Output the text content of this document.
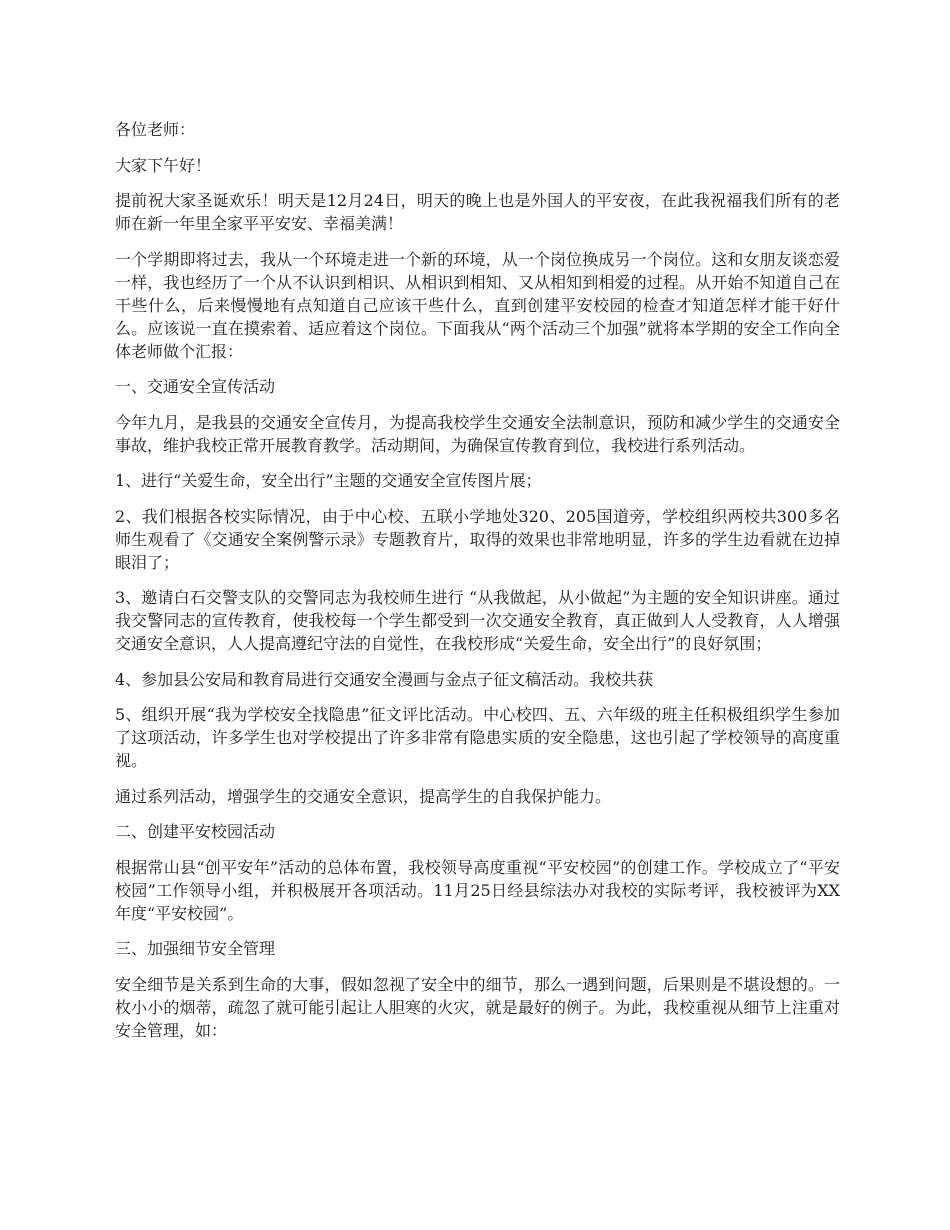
各位老师：

大家下午好！

提前祝大家圣诞欢乐！明天是12月24日，明天的晚上也是外国人的平安夜，在此我祝福我们所有的老师在新一年里全家平平安安、幸福美满！

一个学期即将过去，我从一个环境走进一个新的环境，从一个岗位换成另一个岗位。这和女朋友谈恋爱一样，我也经历了一个从不认识到相识、从相识到相知、又从相知到相爱的过程。从开始不知道自己在干些什么，后来慢慢地有点知道自己应该干些什么，直到创建平安校园的检查才知道怎样才能干好什么。应该说一直在摸索着、适应着这个岗位。下面我从“两个活动三个加强”就将本学期的安全工作向全体老师做个汇报：

一、交通安全宣传活动

今年九月，是我县的交通安全宣传月，为提高我校学生交通安全法制意识，预防和减少学生的交通安全事故，维护我校正常开展教育教学。活动期间，为确保宣传教育到位，我校进行系列活动。

1、进行“关爱生命，安全出行”主题的交通安全宣传图片展；

2、我们根据各校实际情况，由于中心校、五联小学地处320、205国道旁，学校组织两校共300多名师生观看了《交通安全案例警示录》专题教育片，取得的效果也非常地明显，许多的学生边看就在边掉眼泪了；

3、邀请白石交警支队的交警同志为我校师生进行 “从我做起，从小做起”为主题的安全知识讲座。通过我交警同志的宣传教育，使我校每一个学生都受到一次交通安全教育，真正做到人人受教育，人人增强交通安全意识，人人提高遵纪守法的自觉性，在我校形成“关爱生命，安全出行”的良好氛围；

4、参加县公安局和教育局进行交通安全漫画与金点子征文稿活动。我校共获

5、组织开展“我为学校安全找隐患”征文评比活动。中心校四、五、六年级的班主任积极组织学生参加了这项活动，许多学生也对学校提出了许多非常有隐患实质的安全隐患，这也引起了学校领导的高度重视。

通过系列活动，增强学生的交通安全意识，提高学生的自我保护能力。

二、创建平安校园活动

根据常山县“创平安年”活动的总体布置，我校领导高度重视“平安校园”的创建工作。学校成立了“平安校园”工作领导小组，并积极展开各项活动。11月25日经县综法办对我校的实际考评，我校被评为XX年度“平安校园”。

三、加强细节安全管理

安全细节是关系到生命的大事，假如忽视了安全中的细节，那么一遇到问题，后果则是不堪设想的。一枚小小的烟蒂，疏忽了就可能引起让人胆寒的火灾，就是最好的例子。为此，我校重视从细节上注重对安全管理，如：
